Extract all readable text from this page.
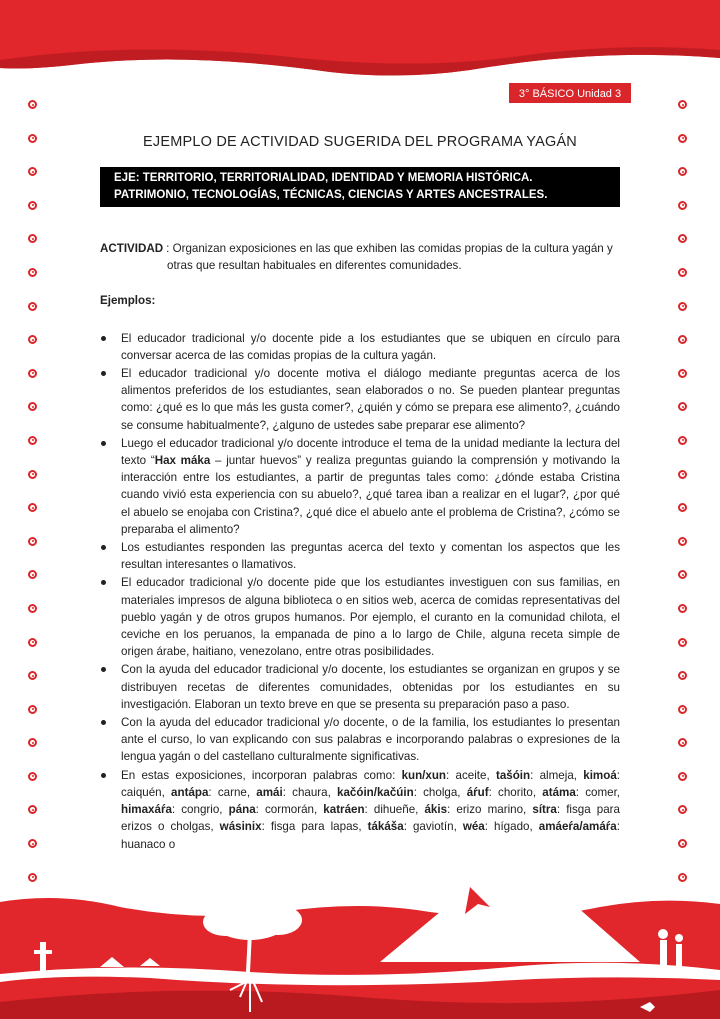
3° BÁSICO Unidad 3
EJEMPLO DE ACTIVIDAD SUGERIDA DEL PROGRAMA YAGÁN
EJE: TERRITORIO, TERRITORIALIDAD, IDENTIDAD Y MEMORIA HISTÓRICA.
PATRIMONIO, TECNOLOGÍAS, TÉCNICAS, CIENCIAS Y ARTES ANCESTRALES.
ACTIVIDAD : Organizan exposiciones en las que exhiben las comidas propias de la cultura yagán y
otras que resultan habituales en diferentes comunidades.
Ejemplos:
El educador tradicional y/o docente pide a los estudiantes que se ubiquen en círculo para conversar acerca de las comidas propias de la cultura yagán.
El educador tradicional y/o docente motiva el diálogo mediante preguntas acerca de los alimentos preferidos de los estudiantes, sean elaborados o no. Se pueden plantear preguntas como: ¿qué es lo que más les gusta comer?, ¿quién y cómo se prepara ese alimento?, ¿cuándo se consume habitualmente?, ¿alguno de ustedes sabe preparar ese alimento?
Luego el educador tradicional y/o docente introduce el tema de la unidad mediante la lectura del texto “Hax máka – juntar huevos” y realiza preguntas guiando la comprensión y motivando la interacción entre los estudiantes, a partir de preguntas tales como: ¿dónde estaba Cristina cuando vivió esta experiencia con su abuelo?, ¿qué tarea iban a realizar en el lugar?, ¿por qué el abuelo se enojaba con Cristina?, ¿qué dice el abuelo ante el problema de Cristina?, ¿cómo se preparaba el alimento?
Los estudiantes responden las preguntas acerca del texto y comentan los aspectos que les resultan interesantes o llamativos.
El educador tradicional y/o docente pide que los estudiantes investiguen con sus familias, en materiales impresos de alguna biblioteca o en sitios web, acerca de comidas representativas del pueblo yagán y de otros grupos humanos. Por ejemplo, el curanto en la comunidad chilota, el ceviche en los peruanos, la empanada de pino a lo largo de Chile, alguna receta simple de origen árabe, haitiano, venezolano, entre otras posibilidades.
Con la ayuda del educador tradicional y/o docente, los estudiantes se organizan en grupos y se distribuyen recetas de diferentes comunidades, obtenidas por los estudiantes en su investigación. Elaboran un texto breve en que se presenta su preparación paso a paso.
Con la ayuda del educador tradicional y/o docente, o de la familia, los estudiantes lo presentan ante el curso, lo van explicando con sus palabras e incorporando palabras o expresiones de la lengua yagán o del castellano culturalmente significativas.
En estas exposiciones, incorporan palabras como: kun/xun: aceite, tašóin: almeja, kimoá: caiquén, antápa: carne, amái: chaura, kačóin/kačúin: cholga, áŕuf: chorito, atáma: comer, himaxáŕa: congrio, pána: cormorán, katráen: dihueñe, ákis: erizo marino, sítra: fisga para erizos o cholgas, wásinix: fisga para lapas, tákáša: gaviotín, wéa: hígado, amáeŕa/amáŕa: huanaco o
